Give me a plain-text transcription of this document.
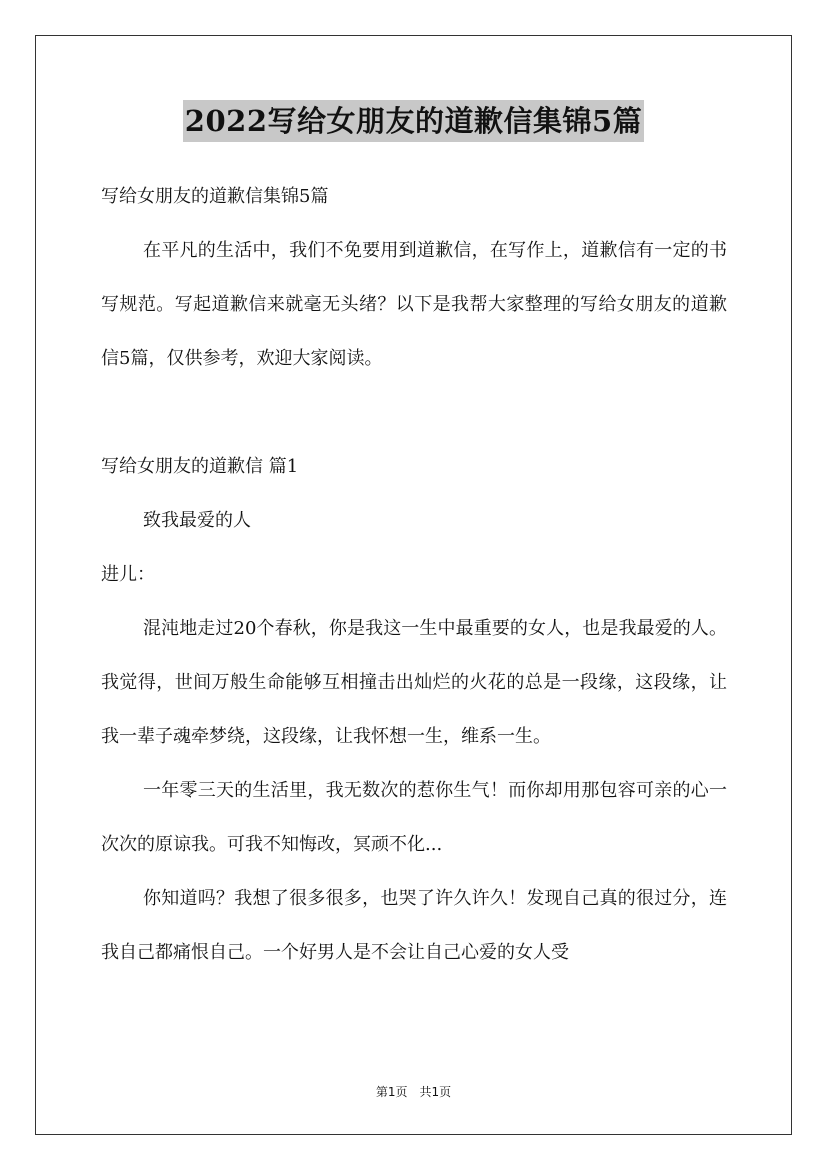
2022写给女朋友的道歉信集锦5篇

写给女朋友的道歉信集锦5篇

在平凡的生活中，我们不免要用到道歉信，在写作上，道歉信有一定的书写规范。写起道歉信来就毫无头绪？以下是我帮大家整理的写给女朋友的道歉信5篇，仅供参考，欢迎大家阅读。

写给女朋友的道歉信 篇1

致我最爱的人

进儿：

混沌地走过20个春秋，你是我这一生中最重要的女人，也是我最爱的人。我觉得，世间万般生命能够互相撞击出灿烂的火花的总是一段缘，这段缘，让我一辈子魂牵梦绕，这段缘，让我怀想一生，维系一生。

一年零三天的生活里，我无数次的惹你生气！而你却用那包容可亲的心一次次的原谅我。可我不知悔改，冥顽不化...

你知道吗？我想了很多很多，也哭了许久许久！发现自己真的很过分，连我自己都痛恨自己。一个好男人是不会让自己心爱的女人受

第1页 共1页
